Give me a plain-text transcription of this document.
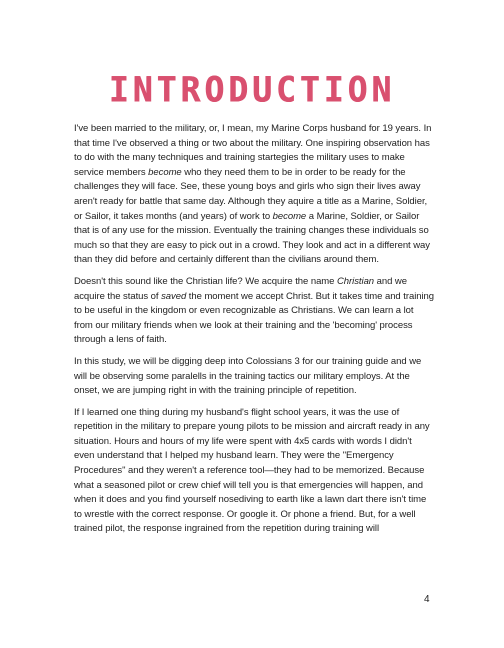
INTRODUCTION

I've been married to the military, or, I mean, my Marine Corps husband for 19 years. In that time I've observed a thing or two about the military. One inspiring observation has to do with the many techniques and training startegies the military uses to make service members become who they need them to be in order to be ready for the challenges they will face. See, these young boys and girls who sign their lives away aren't ready for battle that same day. Although they aquire a title as a Marine, Soldier, or Sailor, it takes months (and years) of work to become a Marine, Soldier, or Sailor that is of any use for the mission. Eventually the training changes these individuals so much so that they are easy to pick out in a crowd. They look and act in a different way than they did before and certainly different than the civilians around them.

Doesn't this sound like the Christian life? We acquire the name Christian and we acquire the status of saved the moment we accept Christ. But it takes time and training to be useful in the kingdom or even recognizable as Christians. We can learn a lot from our military friends when we look at their training and the 'becoming' process through a lens of faith.

In this study, we will be digging deep into Colossians 3 for our training guide and we will be observing some paralells in the training tactics our military employs. At the onset, we are jumping right in with the training principle of repetition.

If I learned one thing during my husband's flight school years, it was the use of repetition in the military to prepare young pilots to be mission and aircraft ready in any situation. Hours and hours of my life were spent with 4x5 cards with words I didn't even understand that I helped my husband learn. They were the "Emergency Procedures" and they weren't a reference tool—they had to be memorized. Because what a seasoned pilot or crew chief will tell you is that emergencies will happen, and when it does and you find yourself nosediving to earth like a lawn dart there isn't time to wrestle with the correct response. Or google it. Or phone a friend. But, for a well trained pilot, the response ingrained from the repetition during training will

4
